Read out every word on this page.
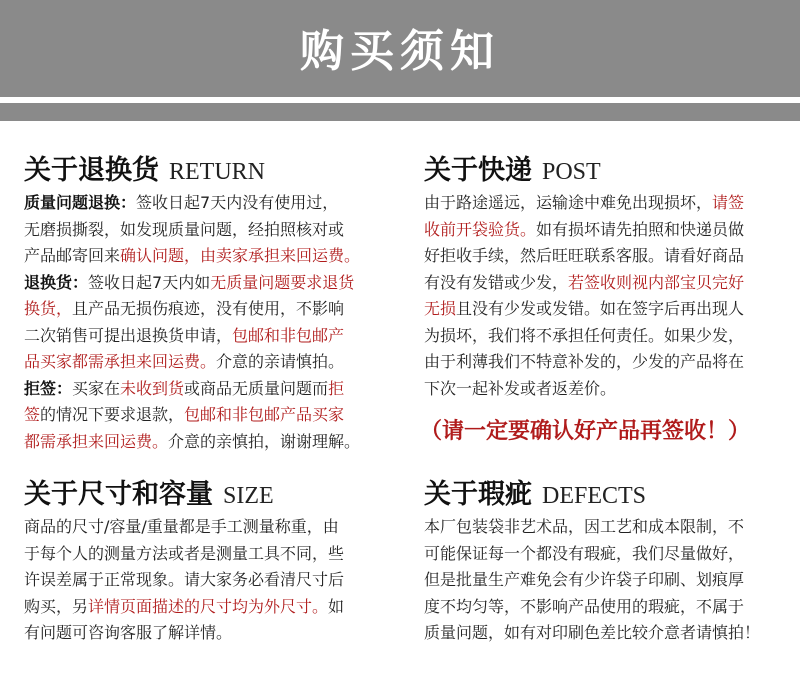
购买须知
关于退换货 RETURN
质量问题退换：签收日起7天内没有使用过，
无磨损撕裂，如发现质量问题，经拍照核对或
产品邮寄回来确认问题，由卖家承担来回运费。
退换货：签收日起7天内如无质量问题要求退货
换货，且产品无损伤痕迹，没有使用，不影响
二次销售可提出退换货申请，包邮和非包邮产
品买家都需承担来回运费。介意的亲请慎拍。
拒签：买家在未收到货或商品无质量问题而拒
签的情况下要求退款，包邮和非包邮产品买家
都需承担来回运费。介意的亲慎拍，谢谢理解。
关于快递 POST
由于路途遥远，运输途中难免出现损坏，请签
收前开袋验货。如有损坏请先拍照和快递员做
好拒收手续，然后旺旺联系客服。请看好商品
有没有发错或少发，若签收则视内部宝贝完好
无损且没有少发或发错。如在签字后再出现人
为损坏，我们将不承担任何责任。如果少发，
由于利薄我们不特意补发的，少发的产品将在
下次一起补发或者返差价。
（请一定要确认好产品再签收！）
关于尺寸和容量 SIZE
商品的尺寸/容量/重量都是手工测量称重，由
于每个人的测量方法或者是测量工具不同，些
许误差属于正常现象。请大家务必看清尺寸后
购买，另详情页面描述的尺寸均为外尺寸。如
有问题可咨询客服了解详情。
关于瑕疵 DEFECTS
本厂包装袋非艺术品，因工艺和成本限制，不
可能保证每一个都没有瑕疵，我们尽量做好，
但是批量生产难免会有少许袋子印刷、划痕厚
度不均匀等，不影响产品使用的瑕疵，不属于
质量问题，如有对印刷色差比较介意者请慎拍！
